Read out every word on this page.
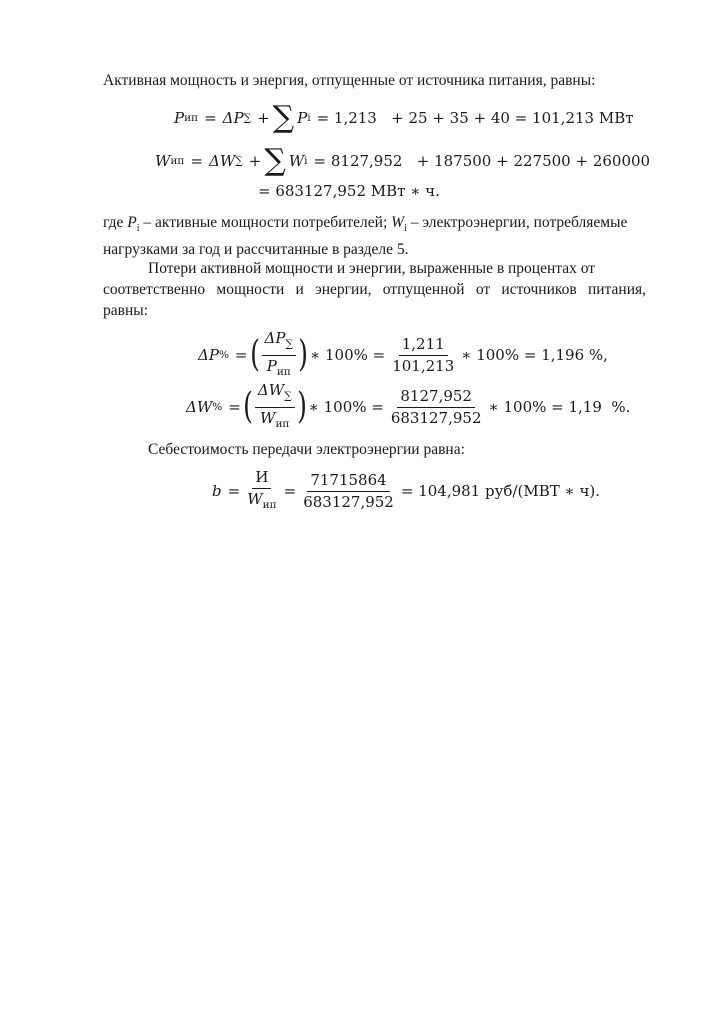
Активная мощность и энергия, отпущенные от источника питания, равны:
P ип = ΔP ∑ + ∑ P i = 1,213   + 25 + 35 + 40 = 101,213 МВт
W ип = ΔW ∑ + ∑ W i = 8127,952   + 187500 + 227500 + 260000
= 683127,952 МВт ∗ ч.
где $P_i$ – активные мощности потребителей; $W_i$ – электроэнергии, потребляемые
нагрузками за год и рассчитанные в разделе 5.
Потери активной мощности и энергии, выраженные в процентах от
соответственно мощности и энергии, отпущенной от источников питания,
равны:
ΔP % = ( $\frac{\Delta P_\sum}{P_{ип}}$ ) ∗ $100\% = \frac{1,211}{101,213}$ ∗ 100% = 1,196 %,
ΔW % = ( $\frac{\Delta W_\sum}{W_{ип}}$ ) ∗ $100\% = \frac{8127,952}{683127,952}$ ∗ 100% = 1,19  %.
Себестоимость передачи электроэнергии равна:
$b = \frac{И}{W_{ип}} = \frac{71715864}{683127,952} = 104,981$ руб/(МВТ ∗ ч).
